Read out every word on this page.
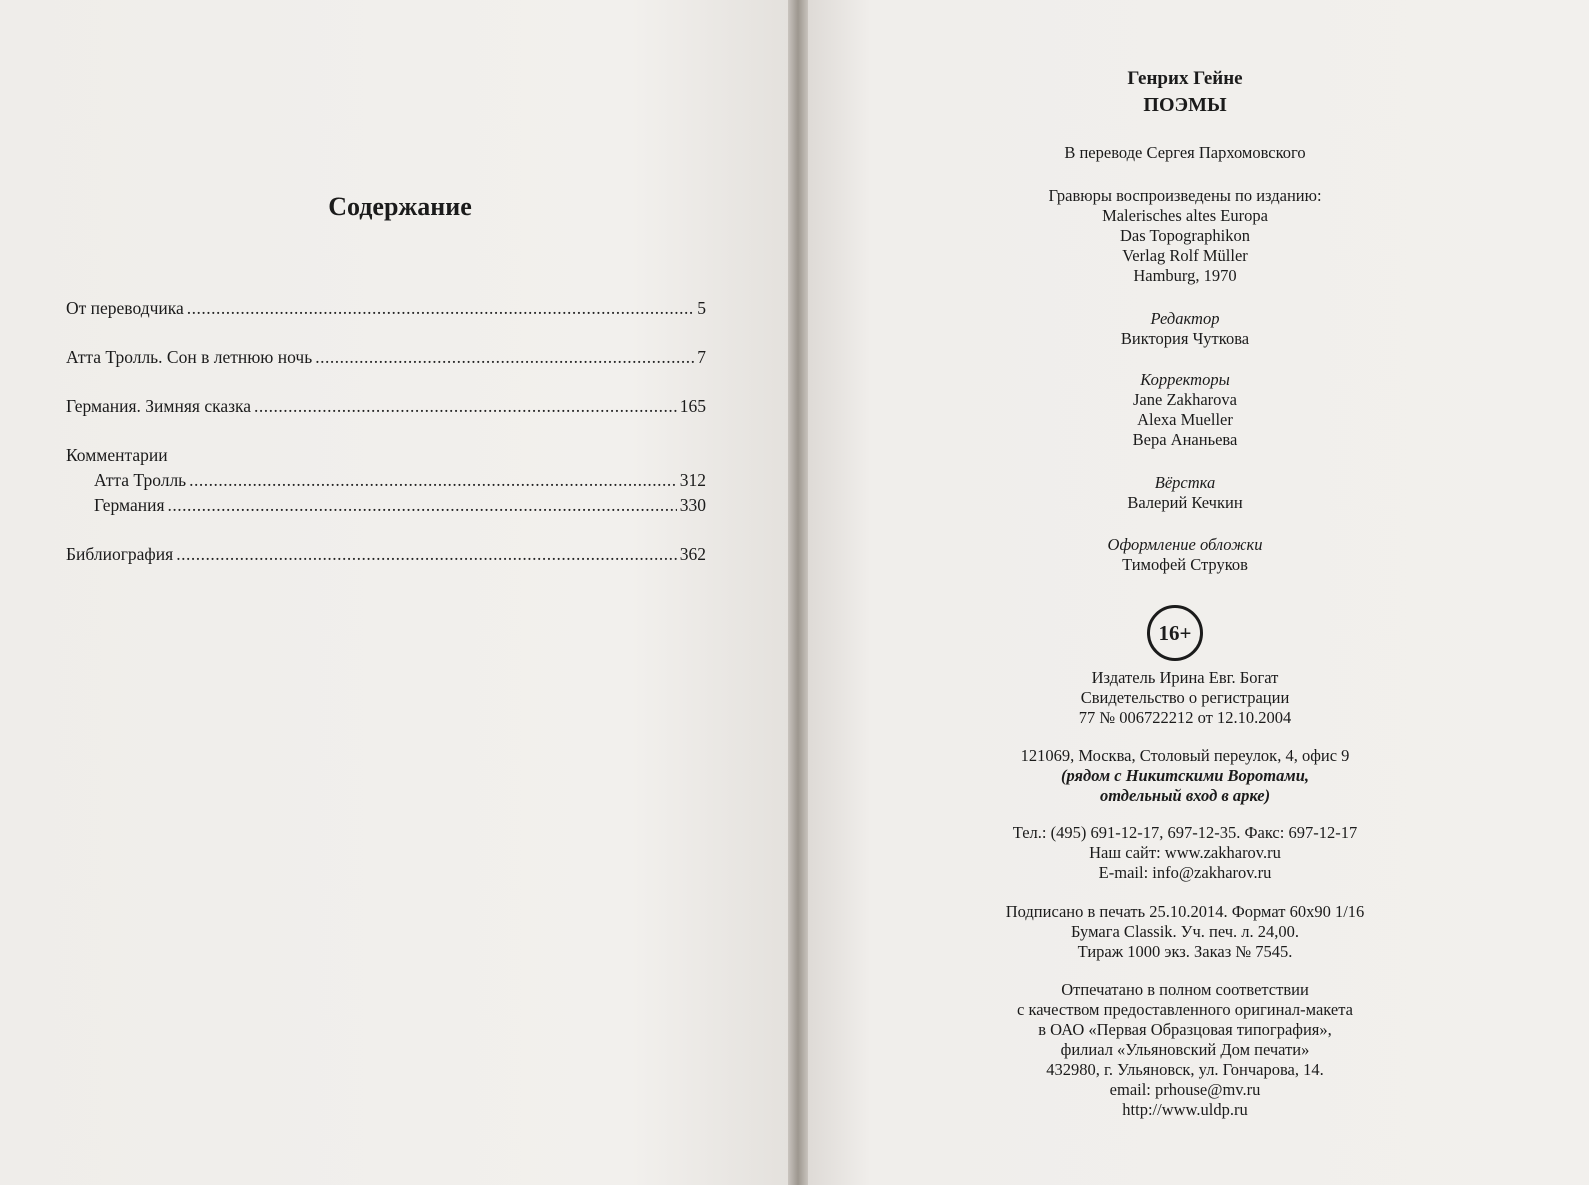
Содержание
От переводчика .....	5
Атта Тролль. Сон в летнюю ночь .....	7
Германия. Зимняя сказка .....	165
Комментарии
Атта Тролль .....	312
Германия .....	330
Библиография .....	362
Генрих Гейне
ПОЭМЫ
В переводе Сергея Пархомовского
Гравюры воспроизведены по изданию:
Malerisches altes Europa
Das Topographikon
Verlag Rolf Müller
Hamburg, 1970
Редактор
Виктория Чуткова
Корректоры
Jane Zakharova
Alexa Mueller
Вера Ананьева
Вёрстка
Валерий Кечкин
Оформление обложки
Тимофей Струков
16+
Издатель Ирина Евг. Богат
Свидетельство о регистрации
77 № 006722212 от 12.10.2004
121069, Москва, Столовый переулок, 4, офис 9
(рядом с Никитскими Воротами,
отдельный вход в арке)
Тел.: (495) 691-12-17, 697-12-35. Факс: 697-12-17
Наш сайт: www.zakharov.ru
E-mail: info@zakharov.ru
Подписано в печать 25.10.2014. Формат 60x90 1/16
Бумага Classik. Уч. печ. л. 24,00.
Тираж 1000 экз. Заказ № 7545.
Отпечатано в полном соответствии
с качеством предоставленного оригинал-макета
в ОАО «Первая Образцовая типография»,
филиал «Ульяновский Дом печати»
432980, г. Ульяновск, ул. Гончарова, 14.
email: prhouse@mv.ru
http://www.uldp.ru
